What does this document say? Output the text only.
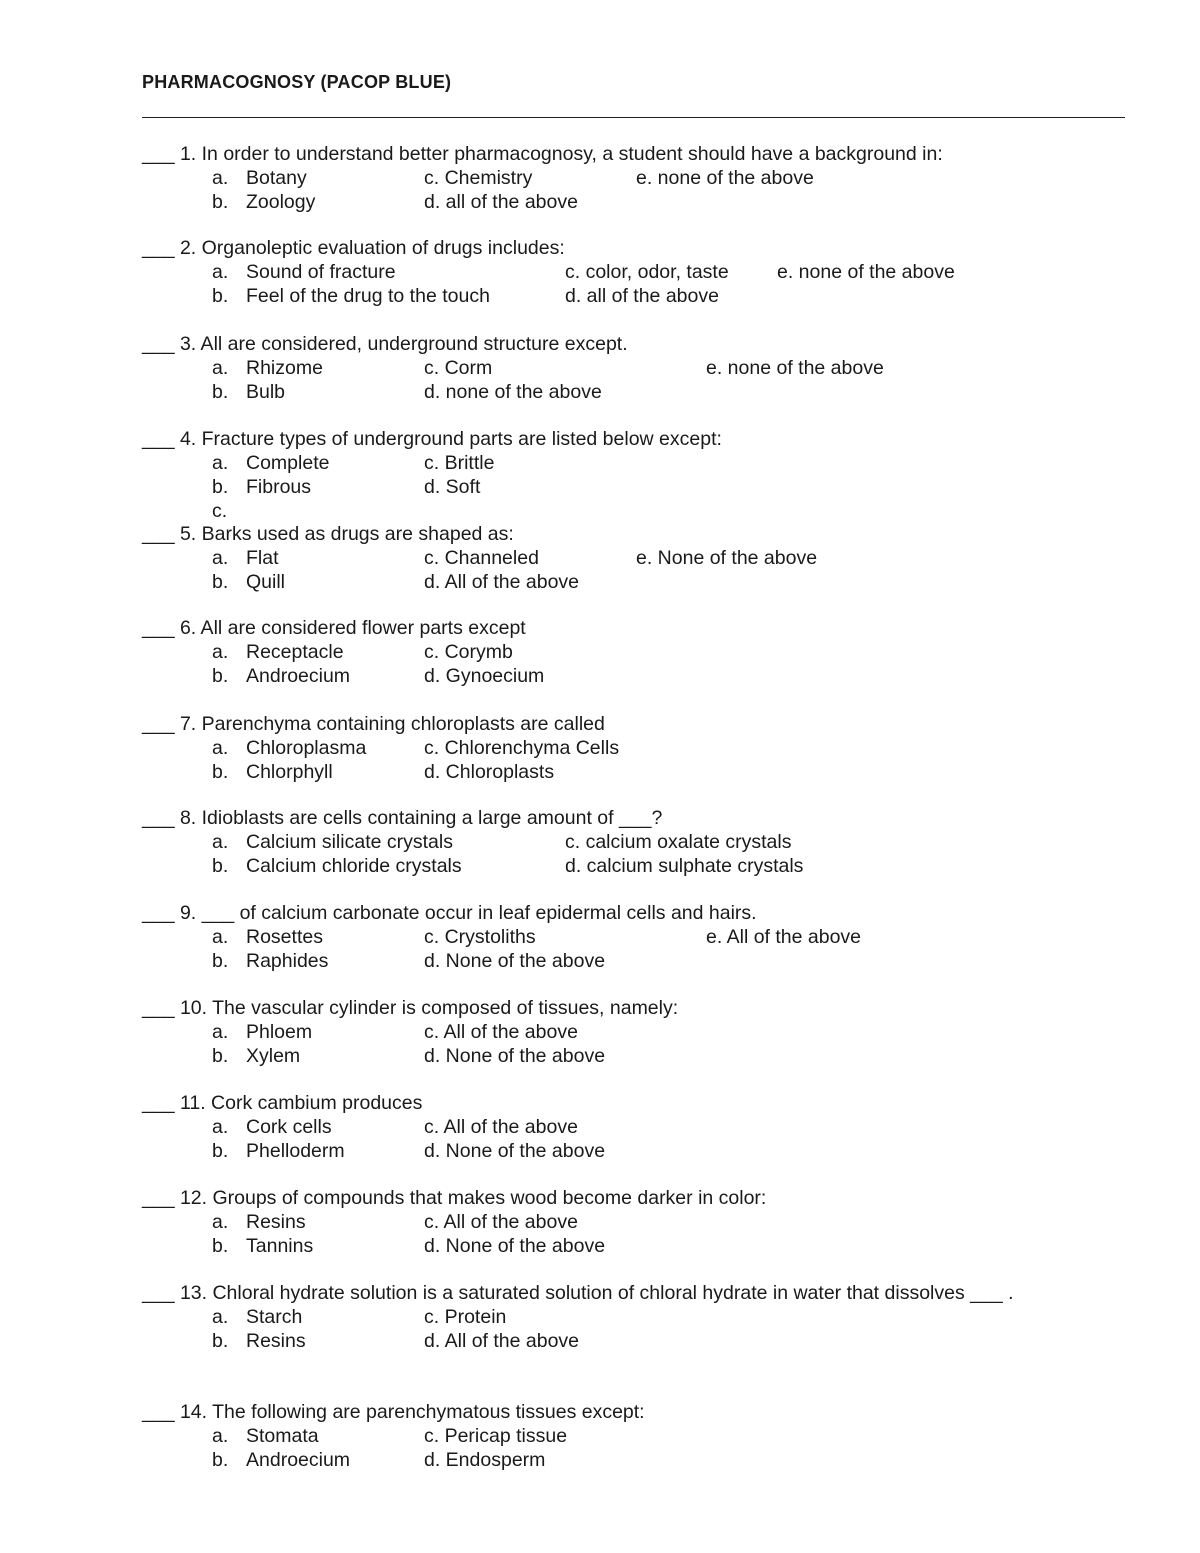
PHARMACOGNOSY (PACOP BLUE)
___ 1. In order to understand better pharmacognosy, a student should have a background in:
a. Botany	c. Chemistry	e. none of the above
b. Zoology	d. all of the above
___ 2. Organoleptic evaluation of drugs includes:
a. Sound of fracture	c. color, odor, taste e. none of the above
b. Feel of the drug to the touch	d. all of the above
___ 3. All are considered, underground structure except.
a. Rhizome	c. Corm	e. none of the above
b. Bulb	d. none of the above
___ 4. Fracture types of underground parts are listed below except:
a. Complete	c. Brittle
b. Fibrous	d. Soft
c.
___ 5. Barks used as drugs are shaped as:
a. Flat	c. Channeled	e. None of the above
b. Quill	d. All of the above
___ 6. All are considered flower parts except
a. Receptacle	c. Corymb
b. Androecium	d. Gynoecium
___ 7. Parenchyma containing chloroplasts are called
a. Chloroplasma	c. Chlorenchyma Cells
b. Chlorphyll	d. Chloroplasts
___ 8. Idioblasts are cells containing a large amount of ___?
a. Calcium silicate crystals	c. calcium oxalate crystals
b. Calcium chloride crystals	d. calcium sulphate crystals
___ 9. ___ of calcium carbonate occur in leaf epidermal cells and hairs.
a. Rosettes	c. Crystoliths	e. All of the above
b. Raphides	d. None of the above
___ 10. The vascular cylinder is composed of tissues, namely:
a. Phloem	c. All of the above
b. Xylem	d. None of the above
___ 11. Cork cambium produces
a. Cork cells	c. All of the above
b. Phelloderm	d. None of the above
___ 12. Groups of compounds that makes wood become darker in color:
a. Resins	c. All of the above
b. Tannins	d. None of the above
___ 13. Chloral hydrate solution is a saturated solution of chloral hydrate in water that dissolves ___ .
a. Starch	c. Protein
b. Resins	d. All of the above
___ 14. The following are parenchymatous tissues except:
a. Stomata	c. Pericap tissue
b. Androecium	d. Endosperm
